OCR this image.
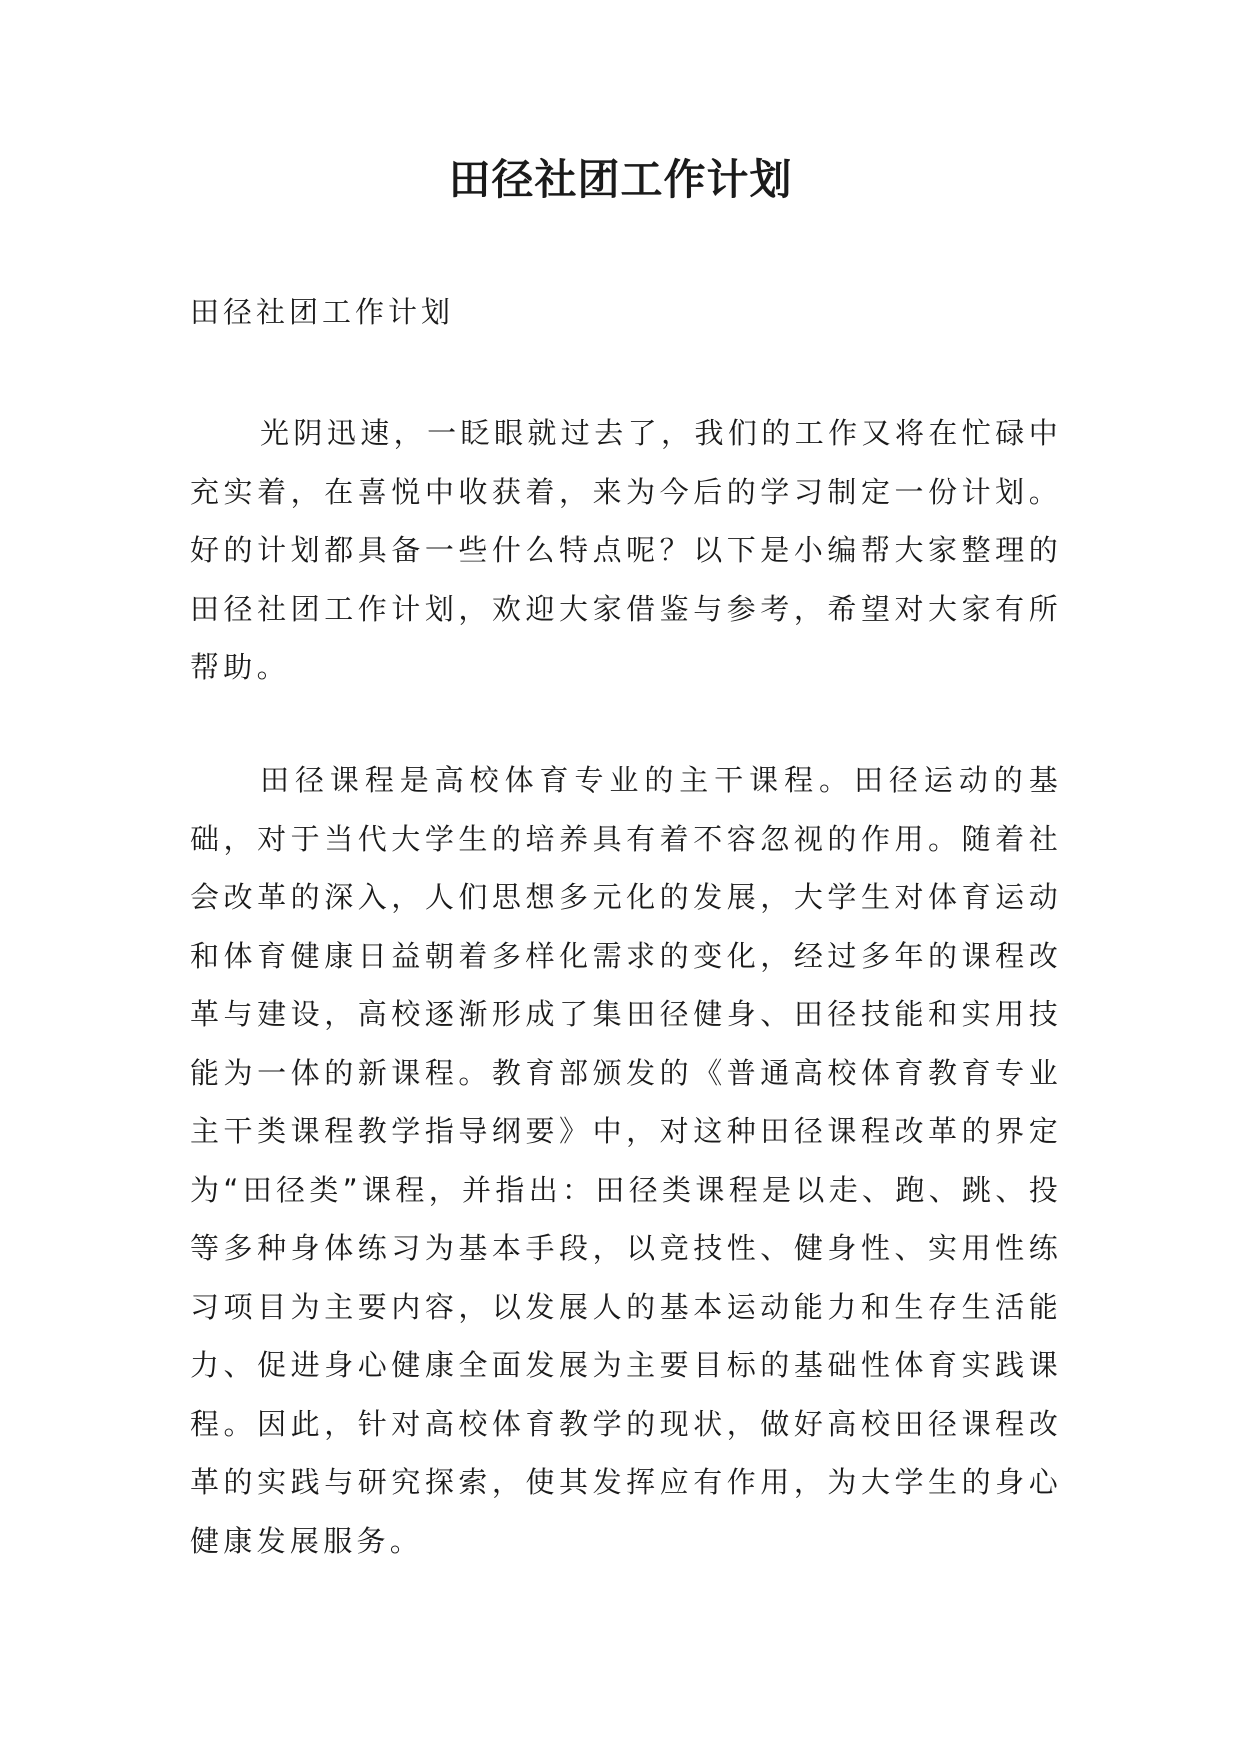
田径社团工作计划

田径社团工作计划

光阴迅速，一眨眼就过去了，我们的工作又将在忙碌中充实着，在喜悦中收获着，来为今后的学习制定一份计划。好的计划都具备一些什么特点呢？以下是小编帮大家整理的田径社团工作计划，欢迎大家借鉴与参考，希望对大家有所帮助。

田径课程是高校体育专业的主干课程。田径运动的基础，对于当代大学生的培养具有着不容忽视的作用。随着社会改革的深入，人们思想多元化的发展，大学生对体育运动和体育健康日益朝着多样化需求的变化，经过多年的课程改革与建设，高校逐渐形成了集田径健身、田径技能和实用技能为一体的新课程。教育部颁发的《普通高校体育教育专业主干类课程教学指导纲要》中，对这种田径课程改革的界定为“田径类”课程，并指出：田径类课程是以走、跑、跳、投等多种身体练习为基本手段，以竞技性、健身性、实用性练习项目为主要内容，以发展人的基本运动能力和生存生活能力、促进身心健康全面发展为主要目标的基础性体育实践课程。因此，针对高校体育教学的现状，做好高校田径课程改革的实践与研究探索，使其发挥应有作用，为大学生的身心健康发展服务。
